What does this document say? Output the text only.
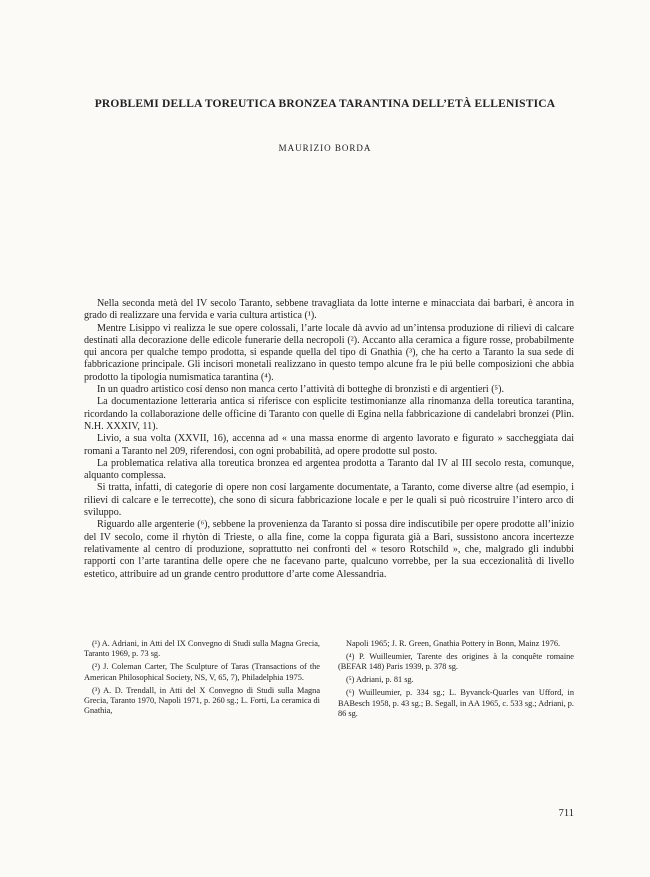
PROBLEMI DELLA TOREUTICA BRONZEA TARANTINA DELL’ETÀ ELLENISTICA
MAURIZIO BORDA

Nella seconda metà del IV secolo Taranto, sebbene travagliata da lotte interne e minacciata dai barbari, è ancora in grado di realizzare una fervida e varia cultura artistica (¹).

Mentre Lisippo vi realizza le sue opere colossali, l’arte locale dà avvio ad un’intensa produzione di rilievi di calcare destinati alla decorazione delle edicole funerarie della necropoli (²). Accanto alla ceramica a figure rosse, probabilmente qui ancora per qualche tempo prodotta, si espande quella del tipo di Gnathia (³), che ha certo a Taranto la sua sede di fabbricazione principale. Gli incisori monetali realizzano in questo tempo alcune fra le piú belle composizioni che abbia prodotto la tipologia numismatica tarantina (⁴).

In un quadro artistico cosí denso non manca certo l’attività di botteghe di bronzisti e di argentieri (⁵).

La documentazione letteraria antica si riferisce con esplicite testimonianze alla rinomanza della toreutica tarantina, ricordando la collaborazione delle officine di Taranto con quelle di Egina nella fabbricazione di candelabri bronzei (Plin. N.H. XXXIV, 11).

Livio, a sua volta (XXVII, 16), accenna ad « una massa enorme di argento lavorato e figurato » saccheggiata dai romani a Taranto nel 209, riferendosi, con ogni probabilità, ad opere prodotte sul posto.

La problematica relativa alla toreutica bronzea ed argentea prodotta a Taranto dal IV al III secolo resta, comunque, alquanto complessa.

Si tratta, infatti, di categorie di opere non cosí largamente documentate, a Taranto, come diverse altre (ad esempio, i rilievi di calcare e le terrecotte), che sono di sicura fabbricazione locale e per le quali si può ricostruire l’intero arco di sviluppo.

Riguardo alle argenterie (⁶), sebbene la provenienza da Taranto si possa dire indiscutibile per opere prodotte all’inizio del IV secolo, come il rhytòn di Trieste, o alla fine, come la coppa figurata già a Bari, sussistono ancora incertezze relativamente al centro di produzione, soprattutto nei confronti del « tesoro Rotschild », che, malgrado gli indubbi rapporti con l’arte tarantina delle opere che ne facevano parte, qualcuno vorrebbe, per la sua eccezionalità di livello estetico, attribuire ad un grande centro produttore d’arte come Alessandria.

(¹) A. Adriani, in Atti del IX Convegno di Studi sulla Magna Grecia, Taranto 1969, p. 73 sg.

(²) J. Coleman Carter, The Sculpture of Taras (Transactions of the American Philosophical Society, NS, V, 65, 7), Philadelphia 1975.

(³) A. D. Trendall, in Atti del X Convegno di Studi sulla Magna Grecia, Taranto 1970, Napoli 1971, p. 260 sg.; L. Forti, La ceramica di Gnathia,

Napoli 1965; J. R. Green, Gnathia Pottery in Bonn, Mainz 1976.

(⁴) P. Wuilleumier, Tarente des origines à la conquête romaine (BEFAR 148) Paris 1939, p. 378 sg.

(⁵) Adriani, p. 81 sg.

(⁶) Wuilleumier, p. 334 sg.; L. Byvanck-Quarles van Ufford, in BABesch 1958, p. 43 sg.; B. Segall, in AA 1965, c. 533 sg.; Adriani, p. 86 sg.

711
